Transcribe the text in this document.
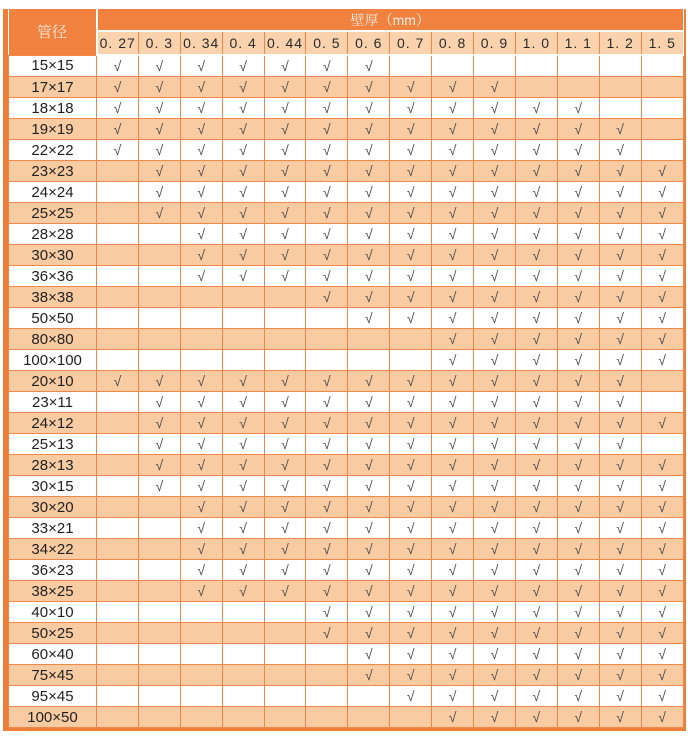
管径	壁厚（mm）													
	0. 27	0. 3	0. 34	0. 4	0. 44	0. 5	0. 6	0. 7	0. 8	0. 9	1. 0	1. 1	1. 2	1. 5
15×15	√	√	√	√	√	√	√							
17×17	√	√	√	√	√	√	√	√	√	√				
18×18	√	√	√	√	√	√	√	√	√	√	√	√		
19×19	√	√	√	√	√	√	√	√	√	√	√	√	√	
22×22	√	√	√	√	√	√	√	√	√	√	√	√	√	
23×23		√	√	√	√	√	√	√	√	√	√	√	√	√
24×24		√	√	√	√	√	√	√	√	√	√	√	√	√
25×25		√	√	√	√	√	√	√	√	√	√	√	√	√
28×28			√	√	√	√	√	√	√	√	√	√	√	√
30×30			√	√	√	√	√	√	√	√	√	√	√	√
36×36			√	√	√	√	√	√	√	√	√	√	√	√
38×38						√	√	√	√	√	√	√	√	√
50×50							√	√	√	√	√	√	√	√
80×80									√	√	√	√	√	√
100×100									√	√	√	√	√	√
20×10	√	√	√	√	√	√	√	√	√	√	√	√	√	
23×11		√	√	√	√	√	√	√	√	√	√	√	√	
24×12		√	√	√	√	√	√	√	√	√	√	√	√	√
25×13		√	√	√	√	√	√	√	√	√	√	√	√	
28×13		√	√	√	√	√	√	√	√	√	√	√	√	√
30×15		√	√	√	√	√	√	√	√	√	√	√	√	√
30×20			√	√	√	√	√	√	√	√	√	√	√	√
33×21			√	√	√	√	√	√	√	√	√	√	√	√
34×22			√	√	√	√	√	√	√	√	√	√	√	√
36×23			√	√	√	√	√	√	√	√	√	√	√	√
38×25			√	√	√	√	√	√	√	√	√	√	√	√
40×10						√	√	√	√	√	√	√	√	√
50×25						√	√	√	√	√	√	√	√	√
60×40							√	√	√	√	√	√	√	√
75×45							√	√	√	√	√	√	√	√
95×45								√	√	√	√	√	√	√
100×50									√	√	√	√	√	√
